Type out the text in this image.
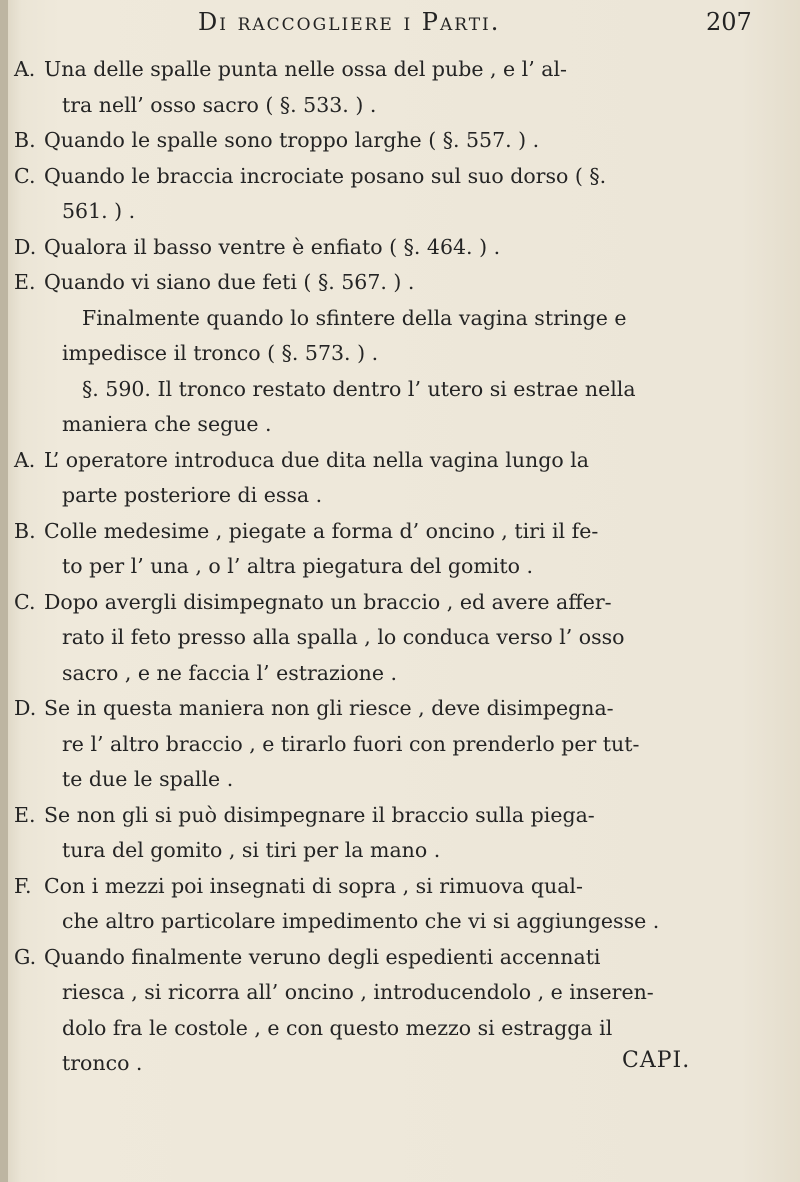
Di raccogliere i Parti.	207
A. Una delle spalle punta nelle ossa del pube , e l’ al-
tra nell’ osso sacro ( §. 533. ) .
B. Quando le spalle sono troppo larghe ( §. 557. ) .
C. Quando le braccia incrociate posano sul suo dorso ( §.
561. ) .
D. Qualora il basso ventre è enfiato ( §. 464. ) .
E. Quando vi siano due feti ( §. 567. ) .
Finalmente quando lo sfintere della vagina stringe e
impedisce il tronco ( §. 573. ) .
§. 590. Il tronco restato dentro l’ utero si estrae nella
maniera che segue .
A. L’ operatore introduca due dita nella vagina lungo la
parte posteriore di essa .
B. Colle medesime , piegate a forma d’ oncino , tiri il fe-
to per l’ una , o l’ altra piegatura del gomito .
C. Dopo avergli disimpegnato un braccio , ed avere affer-
rato il feto presso alla spalla , lo conduca verso l’ osso
sacro , e ne faccia l’ estrazione .
D. Se in questa maniera non gli riesce , deve disimpegna-
re l’ altro braccio , e tirarlo fuori con prenderlo per tut-
te due le spalle .
E. Se non gli si può disimpegnare il braccio sulla piega-
tura del gomito , si tiri per la mano .
F. Con i mezzi poi insegnati di sopra , si rimuova qual-
che altro particolare impedimento che vi si aggiungesse .
G. Quando finalmente veruno degli espedienti accennati
riesca , si ricorra all’ oncino , introducendolo , e inseren-
dolo fra le costole , e con questo mezzo si estragga il
tronco .	CAPI.
